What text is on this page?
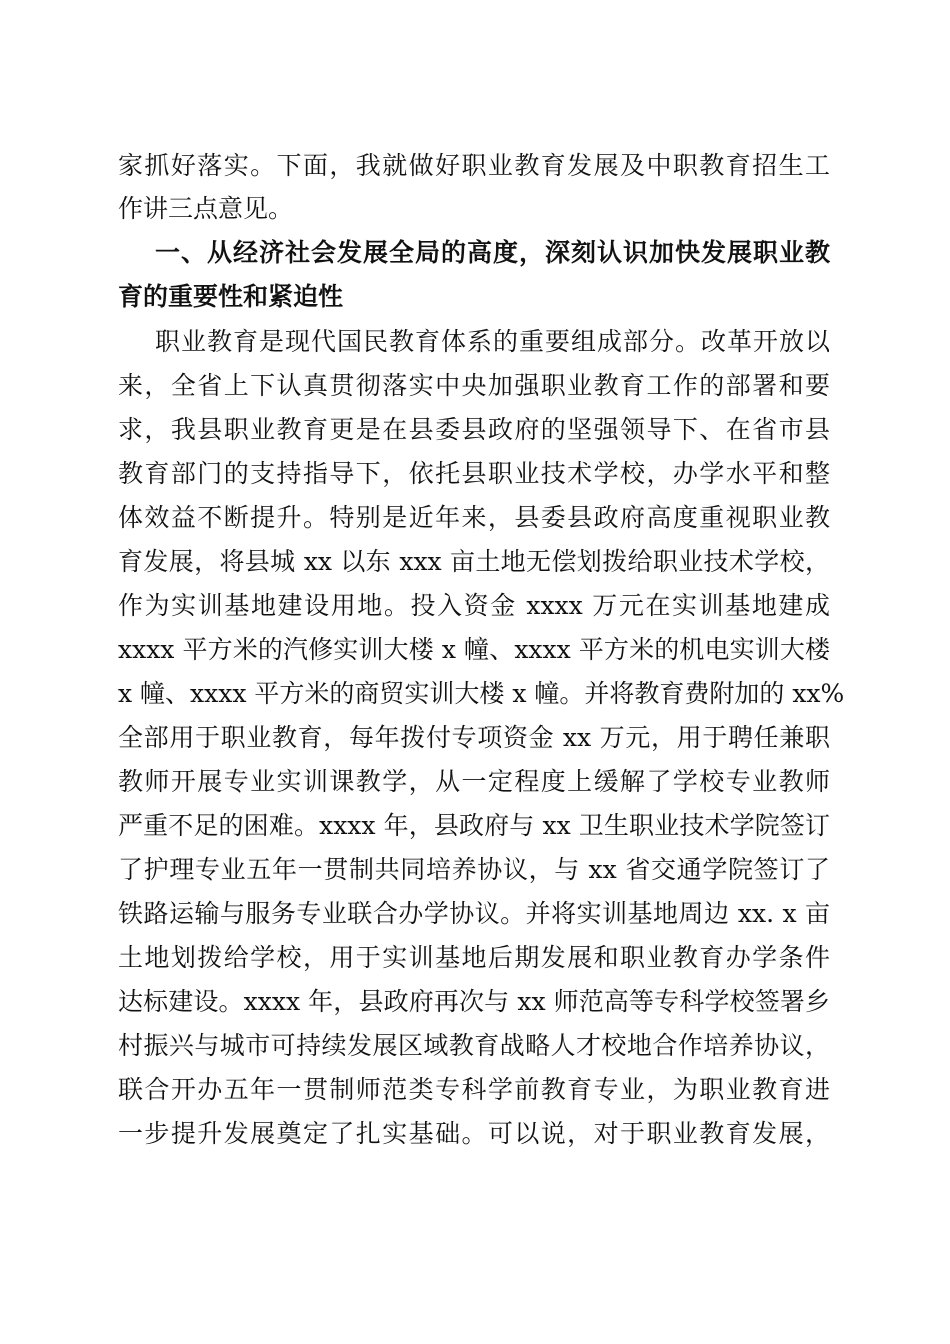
家抓好落实。下面，我就做好职业教育发展及中职教育招生工
作讲三点意见。
一、从经济社会发展全局的高度，深刻认识加快发展职业教
育的重要性和紧迫性
职业教育是现代国民教育体系的重要组成部分。改革开放以
来，全省上下认真贯彻落实中央加强职业教育工作的部署和要
求，我县职业教育更是在县委县政府的坚强领导下、在省市县
教育部门的支持指导下，依托县职业技术学校，办学水平和整
体效益不断提升。特别是近年来，县委县政府高度重视职业教
育发展，将县城 xx 以东 xxx 亩土地无偿划拨给职业技术学校，
作为实训基地建设用地。投入资金 xxxx 万元在实训基地建成
xxxx 平方米的汽修实训大楼 x 幢、xxxx 平方米的机电实训大楼
x 幢、xxxx 平方米的商贸实训大楼 x 幢。并将教育费附加的 xx%
全部用于职业教育，每年拨付专项资金 xx 万元，用于聘任兼职
教师开展专业实训课教学，从一定程度上缓解了学校专业教师
严重不足的困难。xxxx 年，县政府与 xx 卫生职业技术学院签订
了护理专业五年一贯制共同培养协议，与 xx 省交通学院签订了
铁路运输与服务专业联合办学协议。并将实训基地周边 xx. x 亩
土地划拨给学校，用于实训基地后期发展和职业教育办学条件
达标建设。xxxx 年，县政府再次与 xx 师范高等专科学校签署乡
村振兴与城市可持续发展区域教育战略人才校地合作培养协议，
联合开办五年一贯制师范类专科学前教育专业，为职业教育进
一步提升发展奠定了扎实基础。可以说，对于职业教育发展，
